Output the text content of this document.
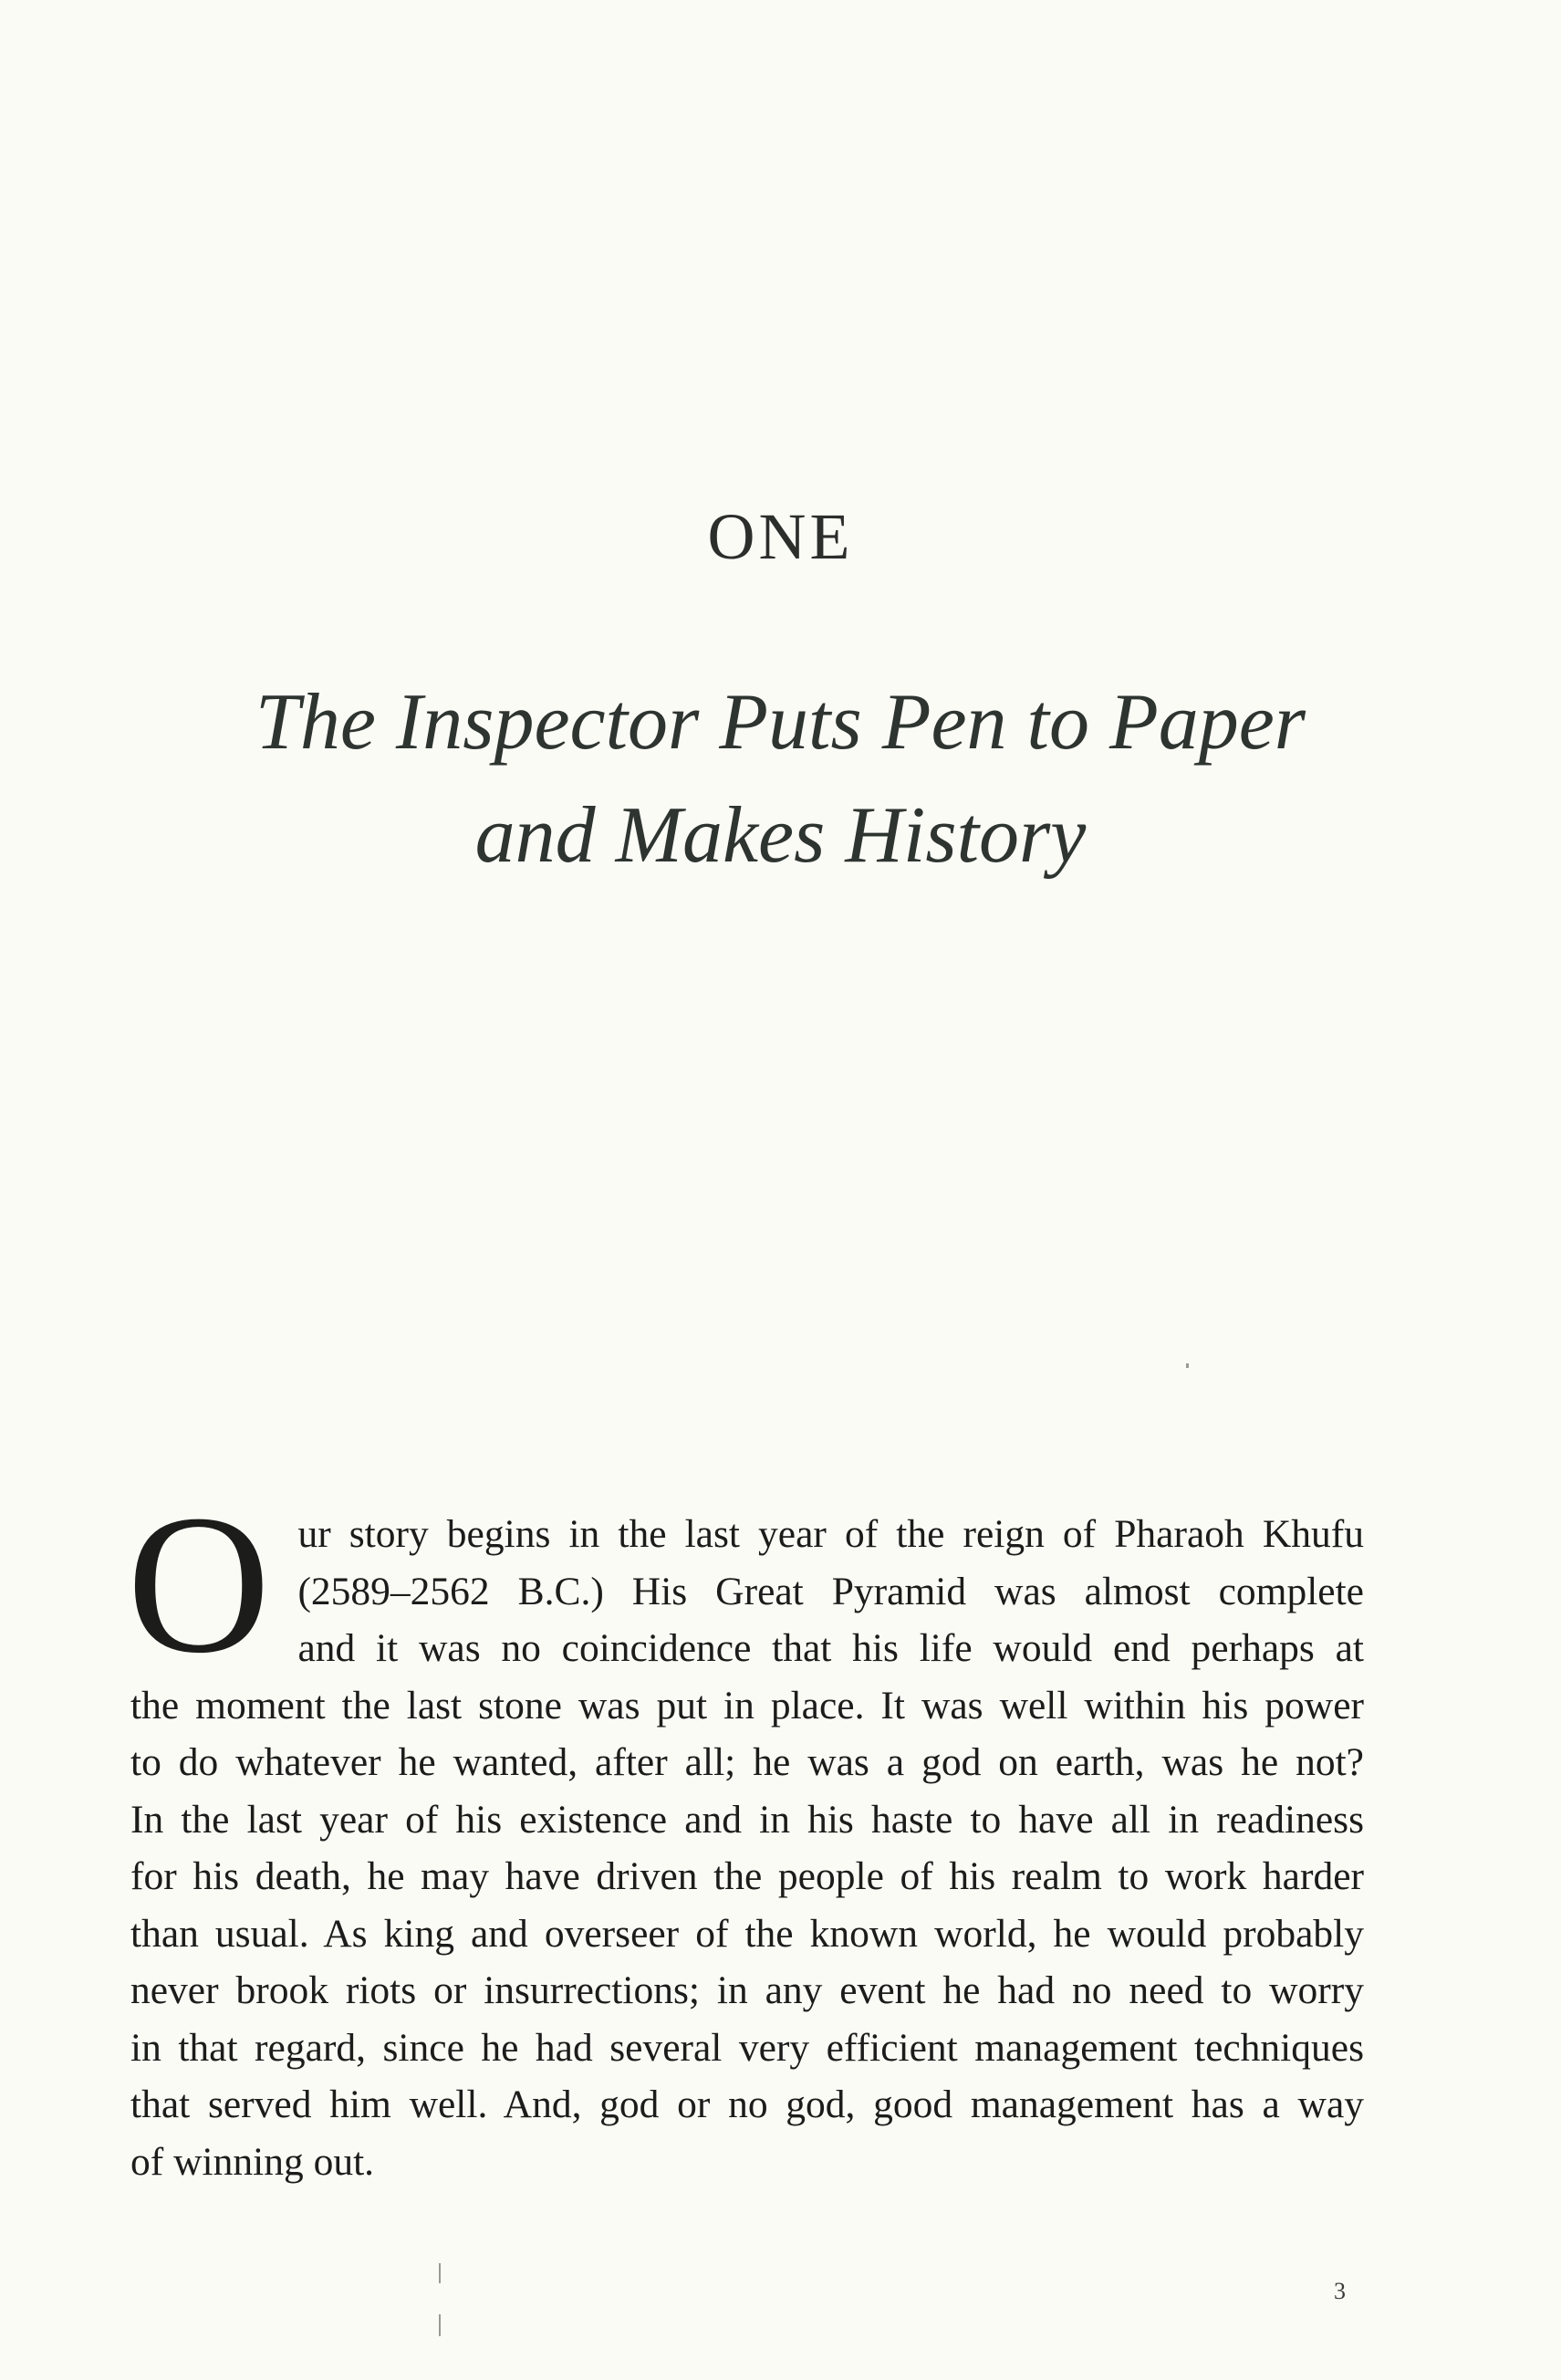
ONE
The Inspector Puts Pen to Paper
and Makes History
O ur story begins in the last year of the reign of Pharaoh Khufu
(2589–2562 B.C.) His Great Pyramid was almost complete
and it was no coincidence that his life would end perhaps at
the moment the last stone was put in place. It was well within his power
to do whatever he wanted, after all; he was a god on earth, was he not?
In the last year of his existence and in his haste to have all in readiness
for his death, he may have driven the people of his realm to work harder
than usual. As king and overseer of the known world, he would probably
never brook riots or insurrections; in any event he had no need to worry
in that regard, since he had several very efficient management techniques
that served him well. And, god or no god, good management has a way
of winning out.
3
